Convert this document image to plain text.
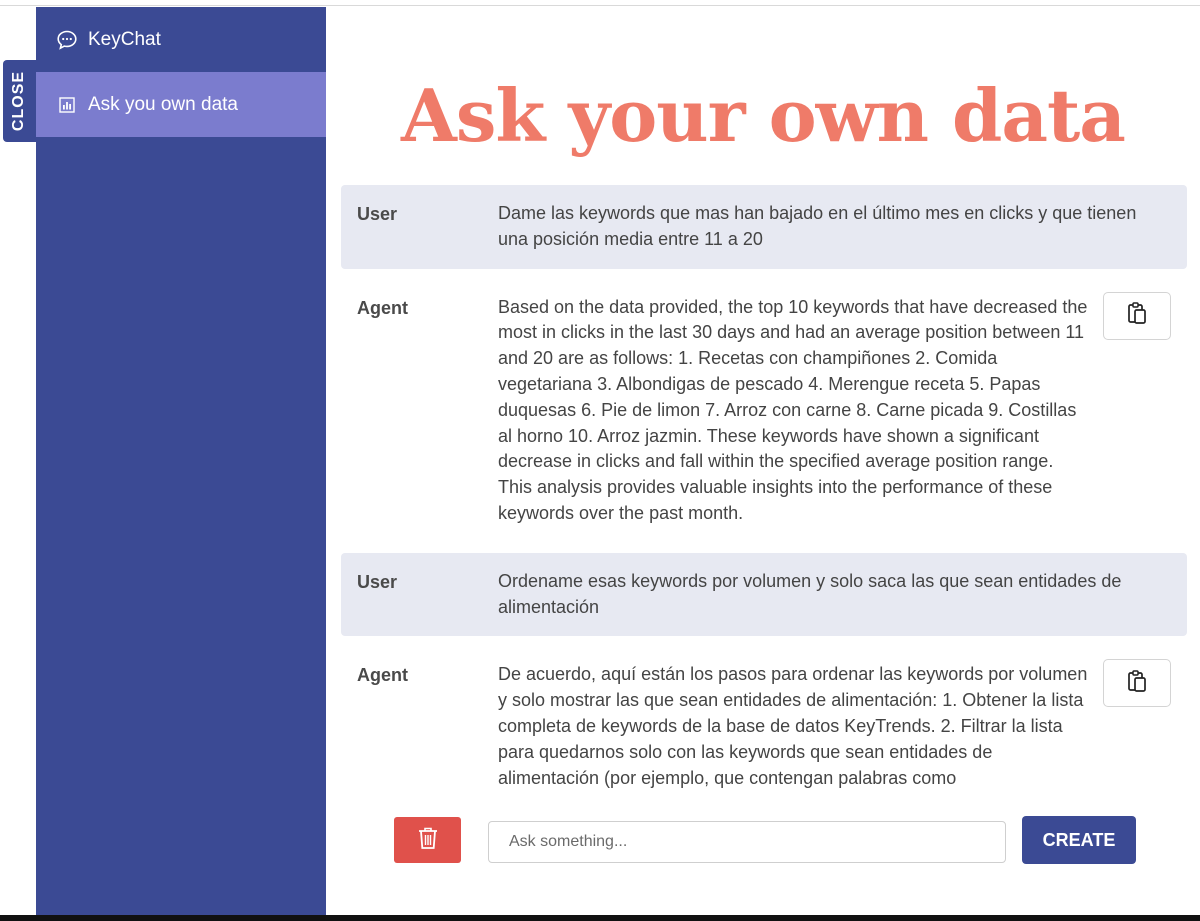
CLOSE
KeyChat
Ask you own data	Ask your own data
User	Dame las keywords que mas han bajado en el último mes en clicks y que tienen una posición media entre 11 a 20
Agent	Based on the data provided, the top 10 keywords that have decreased the most in clicks in the last 30 days and had an average position between 11 and 20 are as follows: 1. Recetas con champiñones 2. Comida vegetariana 3. Albondigas de pescado 4. Merengue receta 5. Papas duquesas 6. Pie de limon 7. Arroz con carne 8. Carne picada 9. Costillas al horno 10. Arroz jazmin. These keywords have shown a significant decrease in clicks and fall within the specified average position range. This analysis provides valuable insights into the performance of these keywords over the past month.
User	Ordename esas keywords por volumen y solo saca las que sean entidades de alimentación
Agent	De acuerdo, aquí están los pasos para ordenar las keywords por volumen y solo mostrar las que sean entidades de alimentación: 1. Obtener la lista completa de keywords de la base de datos KeyTrends. 2. Filtrar la lista para quedarnos solo con las keywords que sean entidades de alimentación (por ejemplo, que contengan palabras como
Ask something...
CREATE
